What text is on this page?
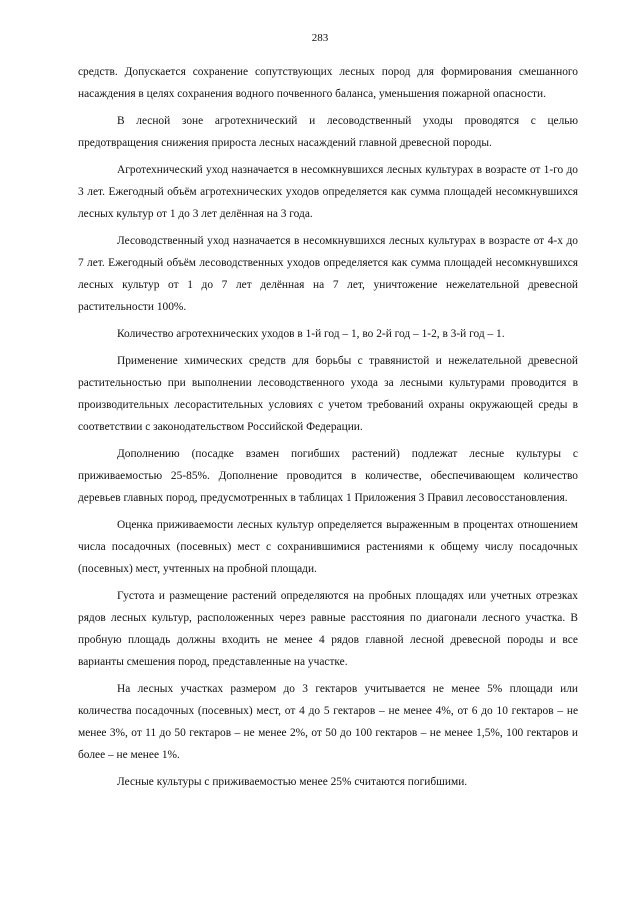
283

средств. Допускается сохранение сопутствующих лесных пород для формирования смешанного насаждения в целях сохранения водного почвенного баланса, уменьшения пожарной опасности.

В лесной зоне агротехнический и лесоводственный уходы проводятся с целью предотвращения снижения прироста лесных насаждений главной древесной породы.

Агротехнический уход назначается в несомкнувшихся лесных культурах в возрасте от 1-го до 3 лет. Ежегодный объём агротехнических уходов определяется как сумма площадей несомкнувшихся лесных культур от 1 до 3 лет делённая на 3 года.

Лесоводственный уход назначается в несомкнувшихся лесных культурах в возрасте от 4-х до 7 лет. Ежегодный объём лесоводственных уходов определяется как сумма площадей несомкнувшихся лесных культур от 1 до 7 лет делённая на 7 лет, уничтожение нежелательной древесной растительности 100%.

Количество агротехнических уходов в 1-й год – 1, во 2-й год – 1-2, в 3-й год – 1.

Применение химических средств для борьбы с травянистой и нежелательной древесной растительностью при выполнении лесоводственного ухода за лесными культурами проводится в производительных лесорастительных условиях с учетом требований охраны окружающей среды в соответствии с законодательством Российской Федерации.

Дополнению (посадке взамен погибших растений) подлежат лесные культуры с приживаемостью 25-85%. Дополнение проводится в количестве, обеспечивающем количество деревьев главных пород, предусмотренных в таблицах 1 Приложения 3 Правил лесовосстановления.

Оценка приживаемости лесных культур определяется выраженным в процентах отношением числа посадочных (посевных) мест с сохранившимися растениями к общему числу посадочных (посевных) мест, учтенных на пробной площади.

Густота и размещение растений определяются на пробных площадях или учетных отрезках рядов лесных культур, расположенных через равные расстояния по диагонали лесного участка. В пробную площадь должны входить не менее 4 рядов главной лесной древесной породы и все варианты смешения пород, представленные на участке.

На лесных участках размером до 3 гектаров учитывается не менее 5% площади или количества посадочных (посевных) мест, от 4 до 5 гектаров – не менее 4%, от 6 до 10 гектаров – не менее 3%, от 11 до 50 гектаров – не менее 2%, от 50 до 100 гектаров – не менее 1,5%, 100 гектаров и более – не менее 1%.

Лесные культуры с приживаемостью менее 25% считаются погибшими.
